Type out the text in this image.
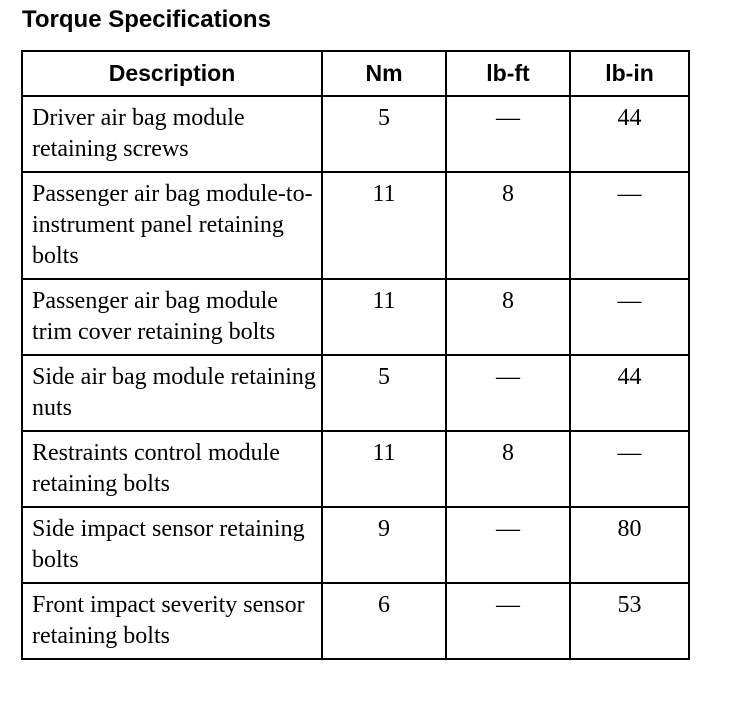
Torque Specifications
Description	Nm	lb-ft	lb-in
Driver air bag module retaining screws	5	—	44
Passenger air bag module-to-instrument panel retaining bolts	11	8	—
Passenger air bag module trim cover retaining bolts	11	8	—
Side air bag module retaining nuts	5	—	44
Restraints control module retaining bolts	11	8	—
Side impact sensor retaining bolts	9	—	80
Front impact severity sensor retaining bolts	6	—	53
